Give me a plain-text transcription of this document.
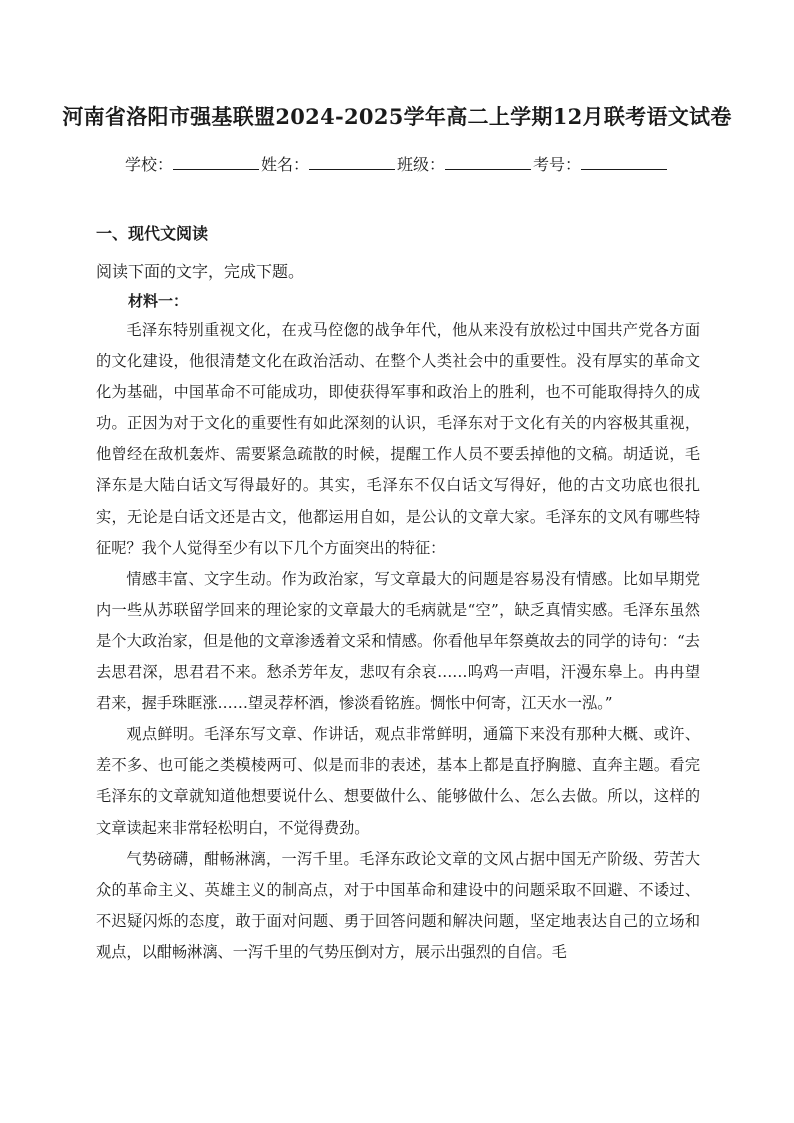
河南省洛阳市强基联盟2024-2025学年高二上学期12月联考语文试卷
学校：	姓名：	班级：	考号：
一、现代文阅读
阅读下面的文字，完成下题。
材料一：

毛泽东特别重视文化，在戎马倥偬的战争年代，他从来没有放松过中国共产党各方面的文化建设，他很清楚文化在政治活动、在整个人类社会中的重要性。没有厚实的革命文化为基础，中国革命不可能成功，即使获得军事和政治上的胜利，也不可能取得持久的成功。正因为对于文化的重要性有如此深刻的认识，毛泽东对于文化有关的内容极其重视，他曾经在敌机轰炸、需要紧急疏散的时候，提醒工作人员不要丢掉他的文稿。胡适说，毛泽东是大陆白话文写得最好的。其实，毛泽东不仅白话文写得好，他的古文功底也很扎实，无论是白话文还是古文，他都运用自如，是公认的文章大家。毛泽东的文风有哪些特征呢？我个人觉得至少有以下几个方面突出的特征：

情感丰富、文字生动。作为政治家，写文章最大的问题是容易没有情感。比如早期党内一些从苏联留学回来的理论家的文章最大的毛病就是“空”，缺乏真情实感。毛泽东虽然是个大政治家，但是他的文章渗透着文采和情感。你看他早年祭奠故去的同学的诗句：“去去思君深，思君君不来。愁杀芳年友，悲叹有余哀……呜鸡一声唱，汗漫东皋上。冉冉望君来，握手珠眶涨……望灵荐杯酒，惨淡看铭旌。惆怅中何寄，江天水一泓。”

观点鲜明。毛泽东写文章、作讲话，观点非常鲜明，通篇下来没有那种大概、或许、差不多、也可能之类模棱两可、似是而非的表述，基本上都是直抒胸臆、直奔主题。看完毛泽东的文章就知道他想要说什么、想要做什么、能够做什么、怎么去做。所以，这样的文章读起来非常轻松明白，不觉得费劲。

气势磅礴，酣畅淋漓，一泻千里。毛泽东政论文章的文风占据中国无产阶级、劳苦大众的革命主义、英雄主义的制高点，对于中国革命和建设中的问题采取不回避、不诿过、不迟疑闪烁的态度，敢于面对问题、勇于回答问题和解决问题，坚定地表达自己的立场和观点，以酣畅淋漓、一泻千里的气势压倒对方，展示出强烈的自信。毛
